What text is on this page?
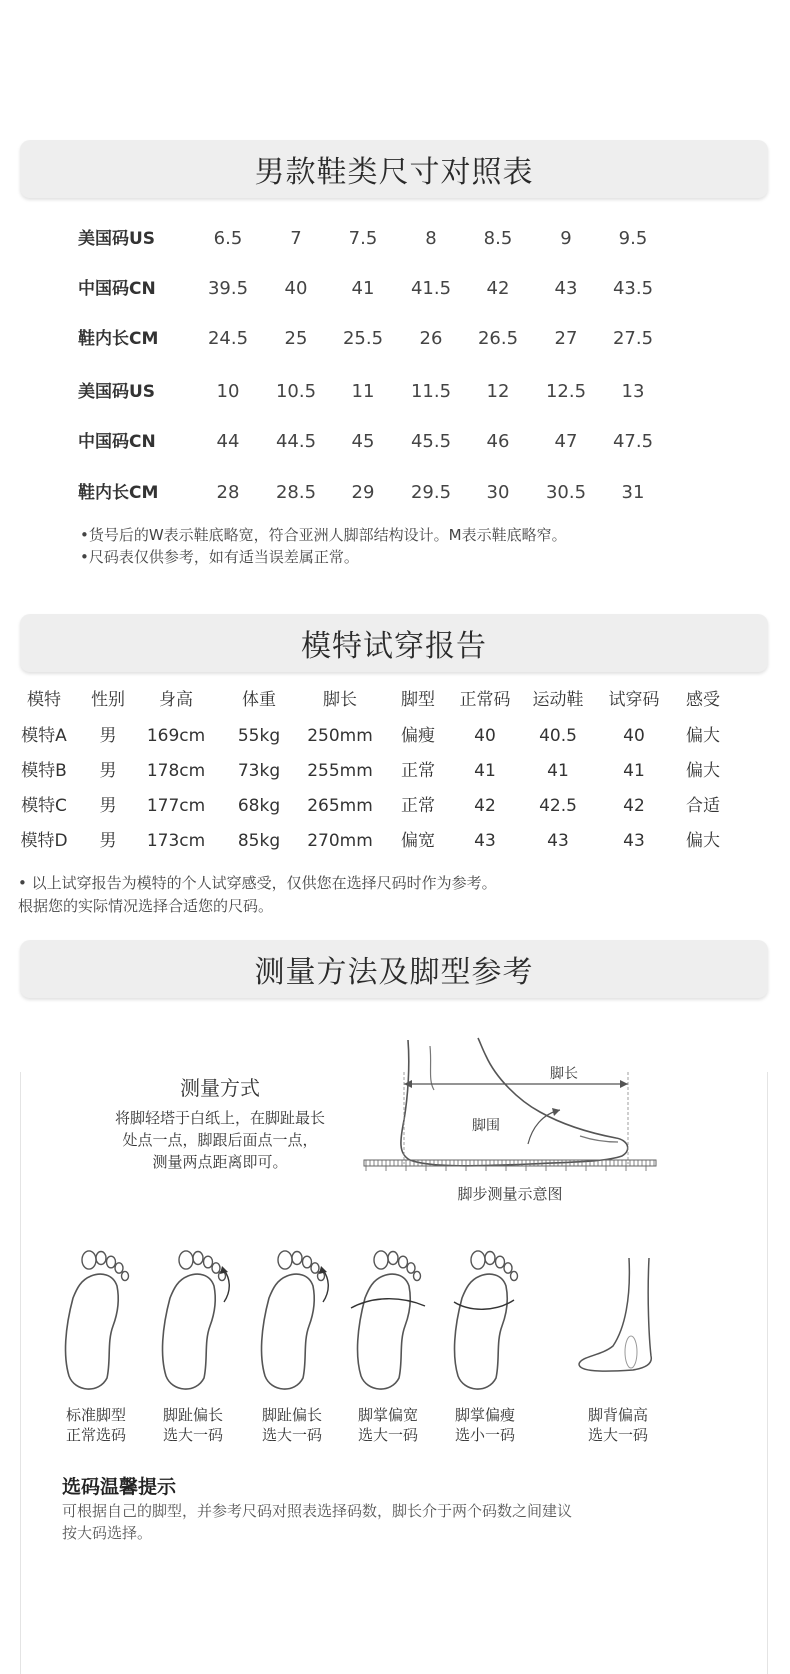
男款鞋类尺寸对照表
美国码US	6.5	7	7.5	8	8.5	9	9.5
中国码CN	39.5	40	41	41.5	42	43	43.5
鞋内长CM	24.5	25	25.5	26	26.5	27	27.5
美国码US	10	10.5	11	11.5	12	12.5	13
中国码CN	44	44.5	45	45.5	46	47	47.5
鞋内长CM	28	28.5	29	29.5	30	30.5	31
•货号后的W表示鞋底略宽，符合亚洲人脚部结构设计。M表示鞋底略窄。
•尺码表仅供参考，如有适当误差属正常。
模特试穿报告
模特	性别	身高	体重	脚长	脚型	正常码	运动鞋	试穿码	感受
模特A	男	169cm	55kg	250mm	偏瘦	40	40.5	40	偏大
模特B	男	178cm	73kg	255mm	正常	41	41	41	偏大
模特C	男	177cm	68kg	265mm	正常	42	42.5	42	合适
模特D	男	173cm	85kg	270mm	偏宽	43	43	43	偏大
• 以上试穿报告为模特的个人试穿感受，仅供您在选择尺码时作为参考。
根据您的实际情况选择合适您的尺码。
测量方法及脚型参考
测量方式
将脚轻塔于白纸上，在脚趾最长
处点一点，脚跟后面点一点，
测量两点距离即可。
脚长
脚围
脚步测量示意图
标准脚型
正常选码
脚趾偏长
选大一码
脚趾偏长
选大一码
脚掌偏宽
选大一码
脚掌偏瘦
选小一码
脚背偏高
选大一码
选码温馨提示
可根据自己的脚型，并参考尺码对照表选择码数，脚长介于两个码数之间建议
按大码选择。
